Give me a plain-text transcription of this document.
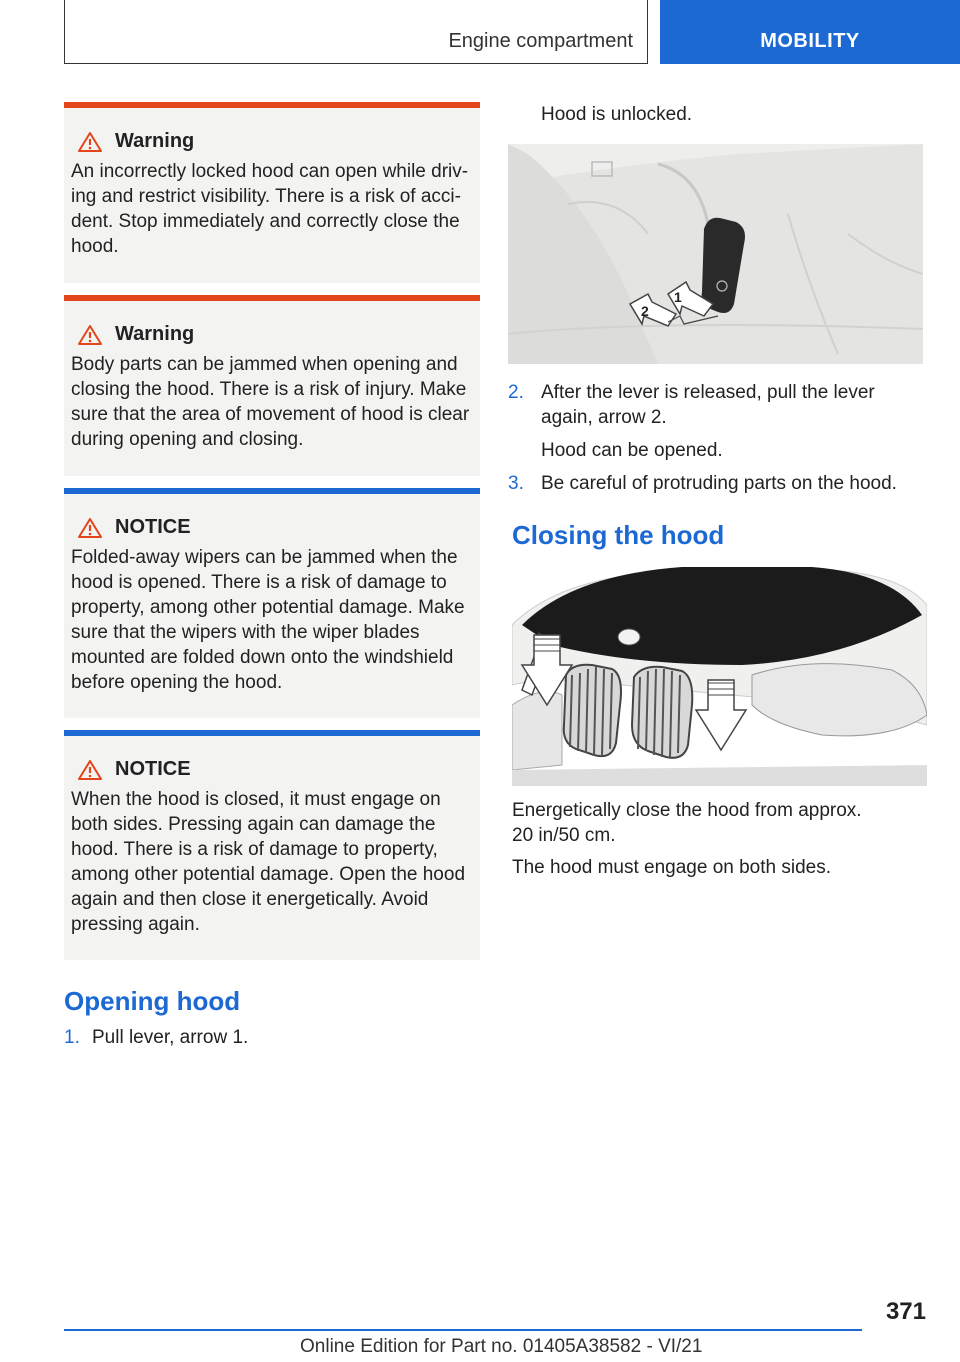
Engine compartment	MOBILITY
Warning
An incorrectly locked hood can open while driv-ing and restrict visibility. There is a risk of acci-dent. Stop immediately and correctly close the hood.
Warning
Body parts can be jammed when opening and closing the hood. There is a risk of injury. Make sure that the area of movement of hood is clear during opening and closing.
NOTICE
Folded-away wipers can be jammed when the hood is opened. There is a risk of damage to property, among other potential damage. Make sure that the wipers with the wiper blades mounted are folded down onto the windshield before opening the hood.
NOTICE
When the hood is closed, it must engage on both sides. Pressing again can damage the hood. There is a risk of damage to property, among other potential damage. Open the hood again and then close it energetically. Avoid pressing again.
Opening hood
1. Pull lever, arrow 1.
Hood is unlocked.
1
2
2. After the lever is released, pull the lever again, arrow 2.
Hood can be opened.
3. Be careful of protruding parts on the hood.
Closing the hood
Energetically close the hood from approx. 20 in/50 cm.
The hood must engage on both sides.
371
Online Edition for Part no. 01405A38582 - VI/21
